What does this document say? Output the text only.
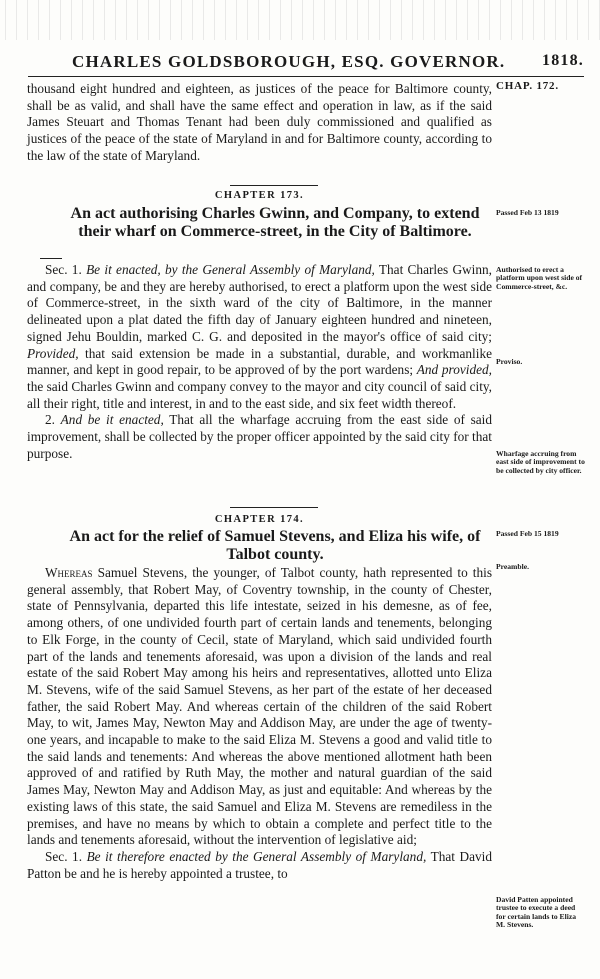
CHARLES GOLDSBOROUGH, ESQ. GOVERNOR. 1818.
CHAP. 172.

thousand eight hundred and eighteen, as justices of the peace for Baltimore county, shall be as valid, and shall have the same effect and operation in law, as if the said James Steuart and Thomas Tenant had been duly commissioned and qualified as justices of the peace of the state of Maryland in and for Baltimore county, according to the law of the state of Maryland.

CHAPTER 173.
An act authorising Charles Gwinn, and Company, to extend their wharf on Commerce-street, in the City of Baltimore.
Passed Feb 13 1819

Sec. 1. Be it enacted, by the General Assembly of Maryland, That Charles Gwinn, and company, be and they are hereby authorised, to erect a platform upon the west side of Commerce-street, in the sixth ward of the city of Baltimore, in the manner delineated upon a plat dated the fifth day of January eighteen hundred and nineteen, signed Jehu Bouldin, marked C. G. and deposited in the mayor's office of said city; Provided, that said extension be made in a substantial, durable, and workmanlike manner, and kept in good repair, to be approved of by the port wardens; And provided, the said Charles Gwinn and company convey to the mayor and city council of said city, all their right, title and interest, in and to the east side, and six feet width thereof.

2. And be it enacted, That all the wharfage accruing from the east side of said improvement, shall be collected by the proper officer appointed by the said city for that purpose.

Authorised to erect a platform upon west side of Commerce-street, &c.
Proviso.
Wharfage accruing from east side of improvement to be collected by city officer.
CHAPTER 174.
An act for the relief of Samuel Stevens, and Eliza his wife, of Talbot county.
Passed Feb 15 1819
Preamble.

Whereas Samuel Stevens, the younger, of Talbot county, hath represented to this general assembly, that Robert May, of Coventry township, in the county of Chester, state of Pennsylvania, departed this life intestate, seized in his demesne, as of fee, among others, of one undivided fourth part of certain lands and tenements, belonging to Elk Forge, in the county of Cecil, state of Maryland, which said undivided fourth part of the lands and tenements aforesaid, was upon a division of the lands and real estate of the said Robert May among his heirs and representatives, allotted unto Eliza M. Stevens, wife of the said Samuel Stevens, as her part of the estate of her deceased father, the said Robert May. And whereas certain of the children of the said Robert May, to wit, James May, Newton May and Addison May, are under the age of twenty-one years, and incapable to make to the said Eliza M. Stevens a good and valid title to the said lands and tenements: And whereas the above mentioned allotment hath been approved of and ratified by Ruth May, the mother and natural guardian of the said James May, Newton May and Addison May, as just and equitable: And whereas by the existing laws of this state, the said Samuel and Eliza M. Stevens are remediless in the premises, and have no means by which to obtain a complete and perfect title to the lands and tenements aforesaid, without the intervention of legislative aid;

Sec. 1. Be it therefore enacted by the General Assembly of Maryland, That David Patton be and he is hereby appointed a trustee, to

David Patten appointed trustee to execute a deed for certain lands to Eliza M. Stevens.
